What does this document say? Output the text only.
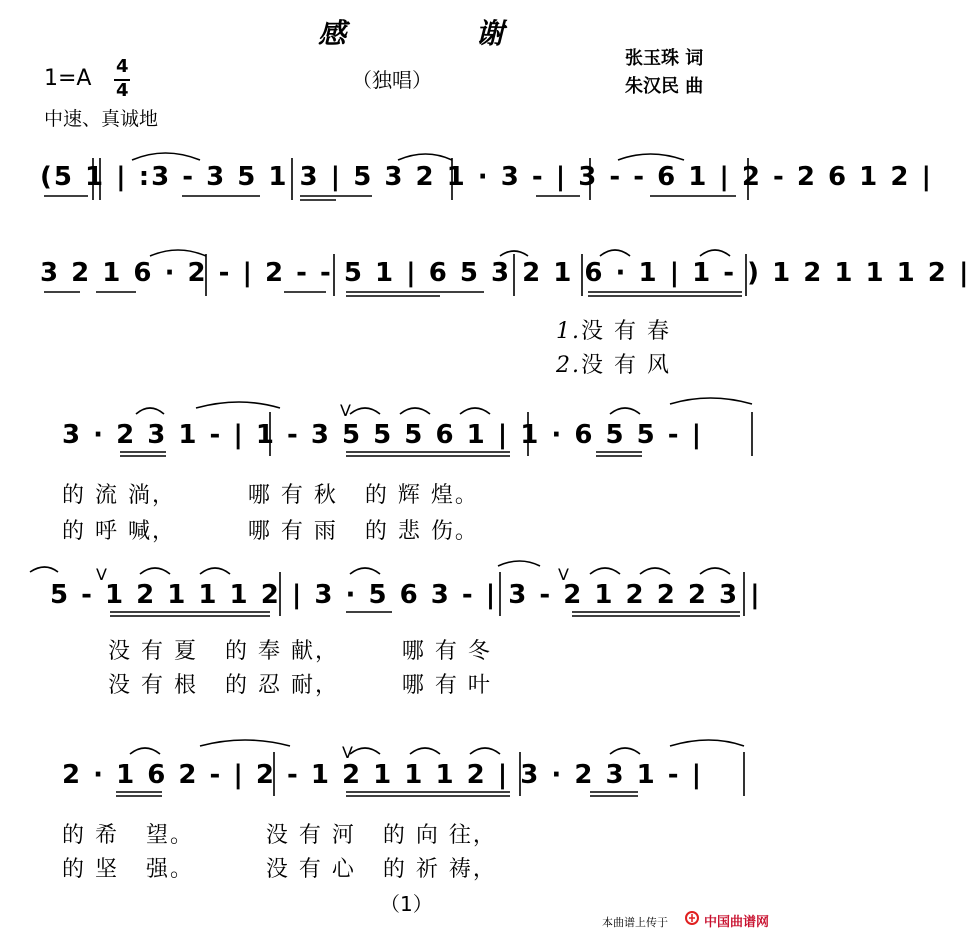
感 谢
（独唱）
张玉珠 词
朱汉民 曲
1=A 4
4
中速、真诚地
(5 1 | :3 - 3 5 1 3 | 5 3 2 1 · 3 - | 3 - - 6 1 | 2 - 2 6 1 2 |
3 2 1 6 · 2 - | 2 - - 5 1 | 6 5 3 2 1 6 · 1 | 1 - ) 1 2 1 1 1 2 |
3 · 2 3 1 - | 1 - 3 5 5 5 6 1 | 1 · 6 5 5 - |
5 - 1 2 1 1 1 2 | 3 · 5 6 3 - | 3 - 2 1 2 2 2 3 |
2 · 1 6 2 - | 2 - 1 2 1 1 1 2 | 3 · 2 3 1 - |
1.没 有 春
2.没 有 风
的 流 淌，        哪 有 秋   的 辉 煌。
的 呼 喊，        哪 有 雨   的 悲 伤。
没 有 夏   的 奉 献，       哪 有 冬
没 有 根   的 忍 耐，       哪 有 叶
的 希   望。        没 有 河   的 向 往，
的 坚   强。        没 有 心   的 祈 祷，
V
V	V
V
（1）
本曲谱上传于	中国曲谱网
